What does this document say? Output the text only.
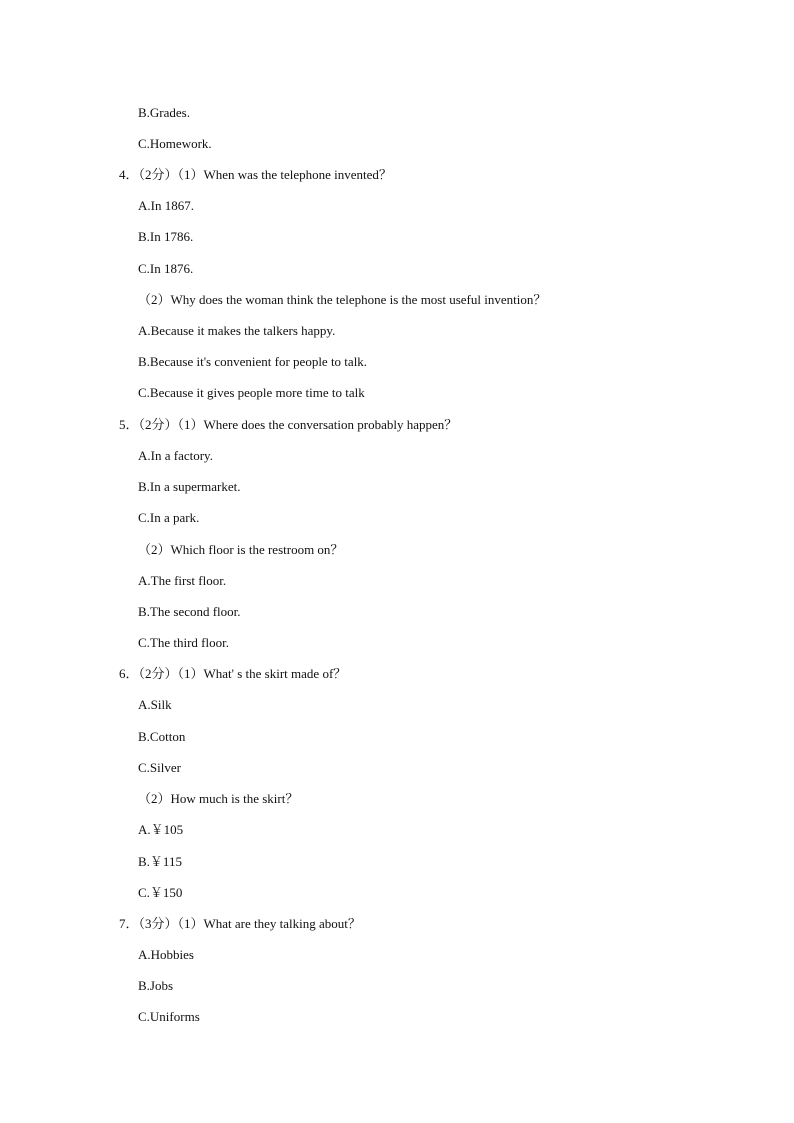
B.Grades.
C.Homework.
4．（2分）（1）When was the telephone invented？
A.In 1867.
B.In 1786.
C.In 1876.
（2）Why does the woman think the telephone is the most useful invention？
A.Because it makes the talkers happy.
B.Because it's convenient for people to talk.
C.Because it gives people more time to talk
5．（2分）（1）Where does the conversation probably happen？
A.In a factory.
B.In a supermarket.
C.In a park.
（2）Which floor is the restroom on？
A.The first floor.
B.The second floor.
C.The third floor.
6．（2分）（1）What' s the skirt made of？
A.Silk
B.Cotton
C.Silver
（2）How much is the skirt？
A.￥105
B.￥115
C.￥150
7．（3分）（1）What are they talking about？
A.Hobbies
B.Jobs
C.Uniforms
